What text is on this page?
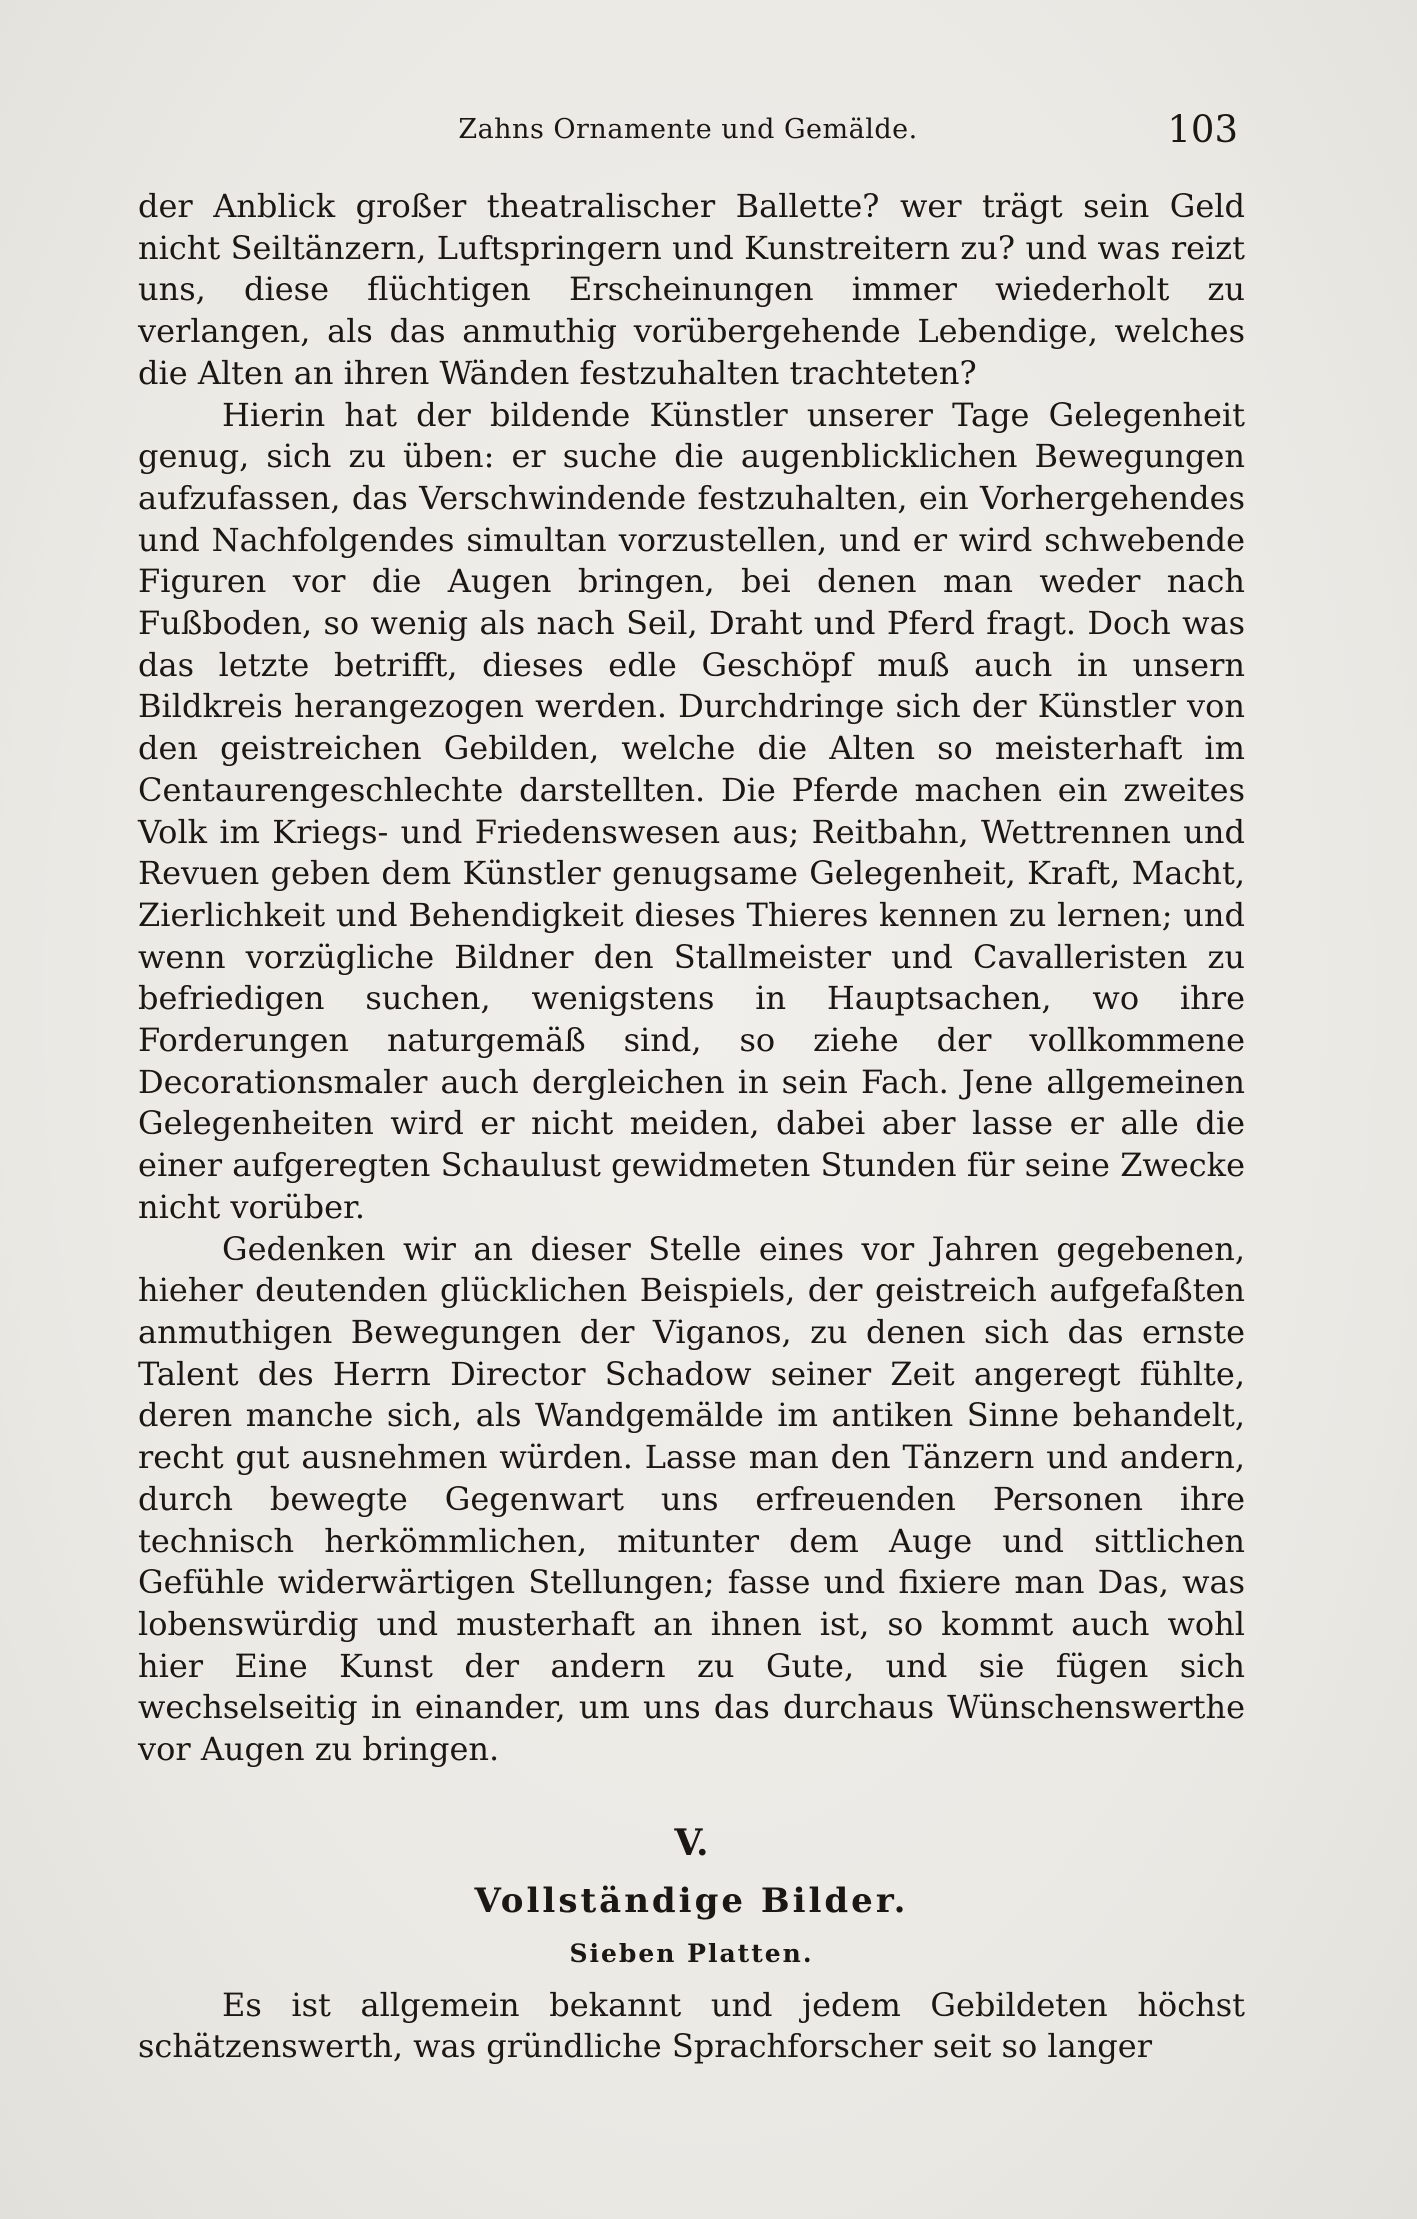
Zahns Ornamente und Gemälde.	103

der Anblick großer theatralischer Ballette? wer trägt sein Geld nicht Seiltänzern, Luftspringern und Kunstreitern zu? und was reizt uns, diese flüchtigen Erscheinungen immer wiederholt zu verlangen, als das anmuthig vorübergehende Lebendige, welches die Alten an ihren Wänden festzuhalten trachteten?

Hierin hat der bildende Künstler unserer Tage Gelegenheit genug, sich zu üben: er suche die augenblicklichen Bewegungen aufzufassen, das Verschwindende festzuhalten, ein Vorhergehendes und Nachfolgendes simultan vorzustellen, und er wird schwebende Figuren vor die Augen bringen, bei denen man weder nach Fußboden, so wenig als nach Seil, Draht und Pferd fragt. Doch was das letzte betrifft, dieses edle Geschöpf muß auch in unsern Bildkreis herangezogen werden. Durchdringe sich der Künstler von den geistreichen Gebilden, welche die Alten so meisterhaft im Centaurengeschlechte darstellten. Die Pferde machen ein zweites Volk im Kriegs- und Friedenswesen aus; Reitbahn, Wettrennen und Revuen geben dem Künstler genugsame Gelegenheit, Kraft, Macht, Zierlichkeit und Behendigkeit dieses Thieres kennen zu lernen; und wenn vorzügliche Bildner den Stallmeister und Cavalleristen zu befriedigen suchen, wenigstens in Hauptsachen, wo ihre Forderungen naturgemäß sind, so ziehe der vollkommene Decorationsmaler auch dergleichen in sein Fach. Jene allgemeinen Gelegenheiten wird er nicht meiden, dabei aber lasse er alle die einer aufgeregten Schaulust gewidmeten Stunden für seine Zwecke nicht vorüber.

Gedenken wir an dieser Stelle eines vor Jahren gegebenen, hieher deutenden glücklichen Beispiels, der geistreich aufgefaßten anmuthigen Bewegungen der Viganos, zu denen sich das ernste Talent des Herrn Director Schadow seiner Zeit angeregt fühlte, deren manche sich, als Wandgemälde im antiken Sinne behandelt, recht gut ausnehmen würden. Lasse man den Tänzern und andern, durch bewegte Gegenwart uns erfreuenden Personen ihre technisch herkömmlichen, mitunter dem Auge und sittlichen Gefühle widerwärtigen Stellungen; fasse und fixiere man Das, was lobenswürdig und musterhaft an ihnen ist, so kommt auch wohl hier Eine Kunst der andern zu Gute, und sie fügen sich wechselseitig in einander, um uns das durchaus Wünschenswerthe vor Augen zu bringen.

V.
Vollständige Bilder.
Sieben Platten.

Es ist allgemein bekannt und jedem Gebildeten höchst schätzenswerth, was gründliche Sprachforscher seit so langer
